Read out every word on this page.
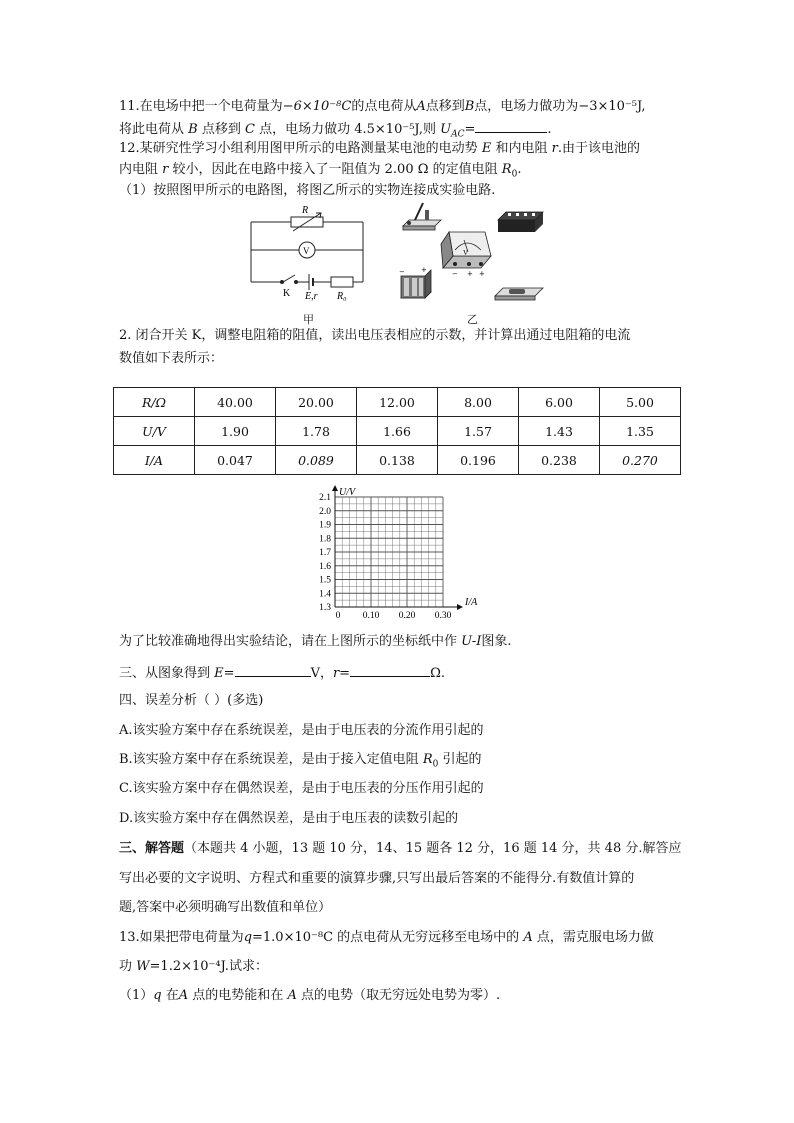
11.在电场中把一个电荷量为−6×10⁻⁸C的点电荷从A点移到B点，电场力做功为−3×10⁻⁵J,
将此电荷从 B 点移到 C 点，电场力做功 4.5×10⁻⁵J,则 $U_{AC}=$	.
12.某研究性学习小组利用图甲所示的电路测量某电池的电动势 E 和内电阻 r.由于该电池的
内电阻 r 较小，因此在电路中接入了一阻值为 2.00 Ω 的定值电阻 $R_0$.
（1）按照图甲所示的电路图，将图乙所示的实物连接成实验电路.
R
V
K E,r R₀
甲
V
− + +
− +
乙
2. 闭合开关 K，调整电阻箱的阻值，读出电压表相应的示数，并计算出通过电阻箱的电流
数值如下表所示：
R/Ω	40.00	20.00	12.00	8.00	6.00	5.00
U/V	1.90	1.78	1.66	1.57	1.43	1.35
I/A	0.047	0.089	0.138	0.196	0.238	0.270
1.3
1.4
1.5
1.6
1.7
1.8
1.9
2.0
2.1
0 0.10 0.20 0.30
U/V
I/A
为了比较准确地得出实验结论，请在上图所示的坐标纸中作 U-I图象.
三、从图象得到 E=	V，r=	Ω.
四、误差分析（ ）(多选)
A.该实验方案中存在系统误差，是由于电压表的分流作用引起的
B.该实验方案中存在系统误差，是由于接入定值电阻 $R_0$ 引起的
C.该实验方案中存在偶然误差，是由于电压表的分压作用引起的
D.该实验方案中存在偶然误差，是由于电压表的读数引起的
三、解答题（本题共 4 小题，13 题 10 分，14、15 题各 12 分，16 题 14 分，共 48 分.解答应
写出必要的文字说明、方程式和重要的演算步骤,只写出最后答案的不能得分.有数值计算的
题,答案中必须明确写出数值和单位）
13.如果把带电荷量为q=1.0×10⁻⁸C 的点电荷从无穷远移至电场中的 A 点，需克服电场力做
功 W=1.2×10⁻⁴J.试求：
（1）q 在A 点的电势能和在 A 点的电势（取无穷远处电势为零）.
